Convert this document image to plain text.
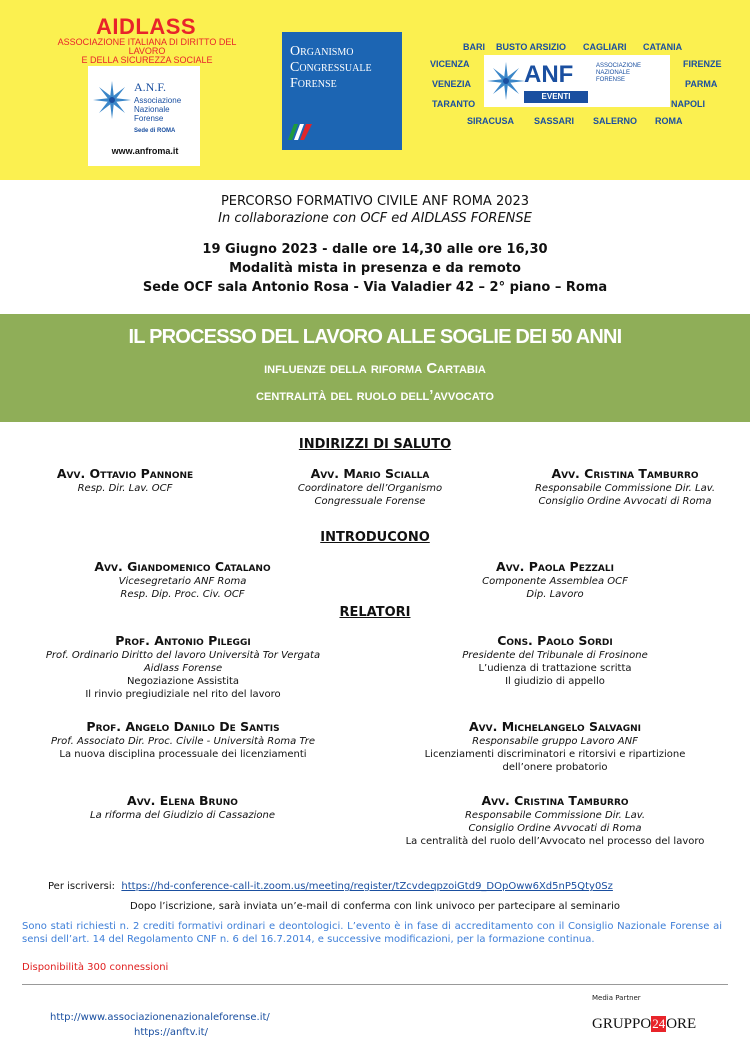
AIDLASS
ASSOCIAZIONE ITALIANA DI DIRITTO DEL LAVORO
E DELLA SICUREZZA SOCIALE
A.N.F.
Associazione
Nazionale
Forense
Sede di ROMA
www.anfroma.it
Organismo
Congressuale
Forense
BARI BUSTO ARSIZIO CAGLIARI CATANIA
VICENZA	FIRENZE
VENEZIA	PARMA
TARANTO	NAPOLI
SIRACUSA SASSARI SALERNO ROMA
ANF	ASSOCIAZIONE
NAZIONALE
FORENSE
EVENTI
PERCORSO FORMATIVO CIVILE ANF ROMA 2023
In collaborazione con OCF ed AIDLASS FORENSE
19 Giugno 2023 - dalle ore 14,30 alle ore 16,30
Modalità mista in presenza e da remoto
Sede OCF sala Antonio Rosa - Via Valadier 42 – 2° piano – Roma
IL PROCESSO DEL LAVORO ALLE SOGLIE DEI 50 ANNI
influenze della riforma Cartabia
centralità del ruolo dell’avvocato
INDIRIZZI DI SALUTO
Avv. Ottavio Pannone
Resp. Dir. Lav. OCF
Avv. Mario Scialla
Coordinatore dell’Organismo
Congressuale Forense
Avv. Cristina Tamburro
Responsabile Commissione Dir. Lav.
Consiglio Ordine Avvocati di Roma
INTRODUCONO
Avv. Giandomenico Catalano
Vicesegretario ANF Roma
Resp. Dip. Proc. Civ. OCF
Avv. Paola Pezzali
Componente Assemblea OCF
Dip. Lavoro
RELATORI
Prof. Antonio Pileggi
Prof. Ordinario Diritto del lavoro Università Tor Vergata
Aidlass Forense
Negoziazione Assistita
Il rinvio pregiudiziale nel rito del lavoro
Cons. Paolo Sordi
Presidente del Tribunale di Frosinone
L’udienza di trattazione scritta
Il giudizio di appello
Prof. Angelo Danilo De Santis
Prof. Associato Dir. Proc. Civile - Università Roma Tre
La nuova disciplina processuale dei licenziamenti
Avv. Michelangelo Salvagni
Responsabile gruppo Lavoro ANF
Licenziamenti discriminatori e ritorsivi e ripartizione
dell’onere probatorio
Avv. Elena Bruno
La riforma del Giudizio di Cassazione
Avv. Cristina Tamburro
Responsabile Commissione Dir. Lav.
Consiglio Ordine Avvocati di Roma
La centralità del ruolo dell’Avvocato nel processo del lavoro
Per iscriversi: https://hd-conference-call-it.zoom.us/meeting/register/tZcvdeqpzoiGtd9_DOpOww6Xd5nP5Qty0Sz
Dopo l’iscrizione, sarà inviata un’e-mail di conferma con link univoco per partecipare al seminario
Sono stati richiesti n. 2 crediti formativi ordinari e deontologici. L’evento è in fase di accreditamento con il Consiglio Nazionale Forense ai sensi dell’art. 14 del Regolamento CNF n. 6 del 16.7.2014, e successive modificazioni, per la formazione continua.
Disponibilità 300 connessioni
http://www.associazionenazionaleforense.it/
https://anftv.it/
Media Partner
GRUPPO24ORE
